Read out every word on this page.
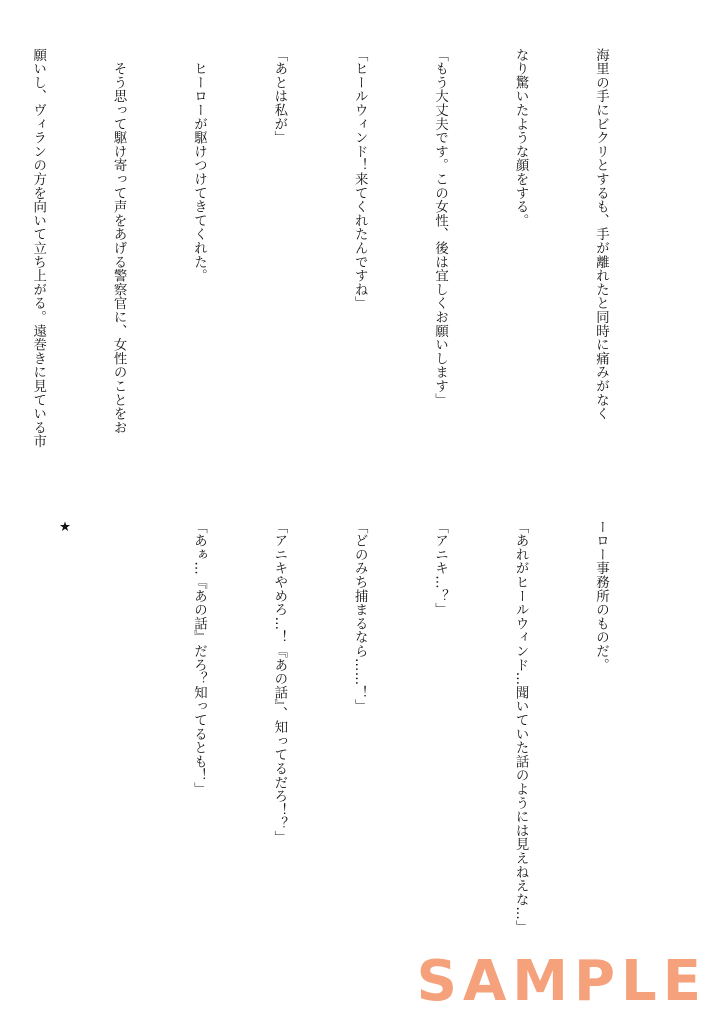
海里の手にビクリとするも、手が離れたと同時に痛みがなく

なり驚いたような顔をする。

「もう大丈夫です。この女性、後は宜しくお願いします」

「ヒールウィンド！来てくれたんですね」

「あとは私が」

　ヒーローが駆けつけてきてくれた。

　そう思って駆け寄って声をあげる警察官に、女性のことをお

願いし、ヴィランの方を向いて立ち上がる。遠巻きに見ている市

ーロー事務所のものだ。

「あれがヒールウィンド…聞いていた話のようには見えねえな…」

「アニキ…？」

「どのみち捕まるなら……！」

「アニキやめろ…！『あの話』、知ってるだろ！？」

「あぁ…『あの話』だろ？知ってるとも！」

★

SAMPLE
